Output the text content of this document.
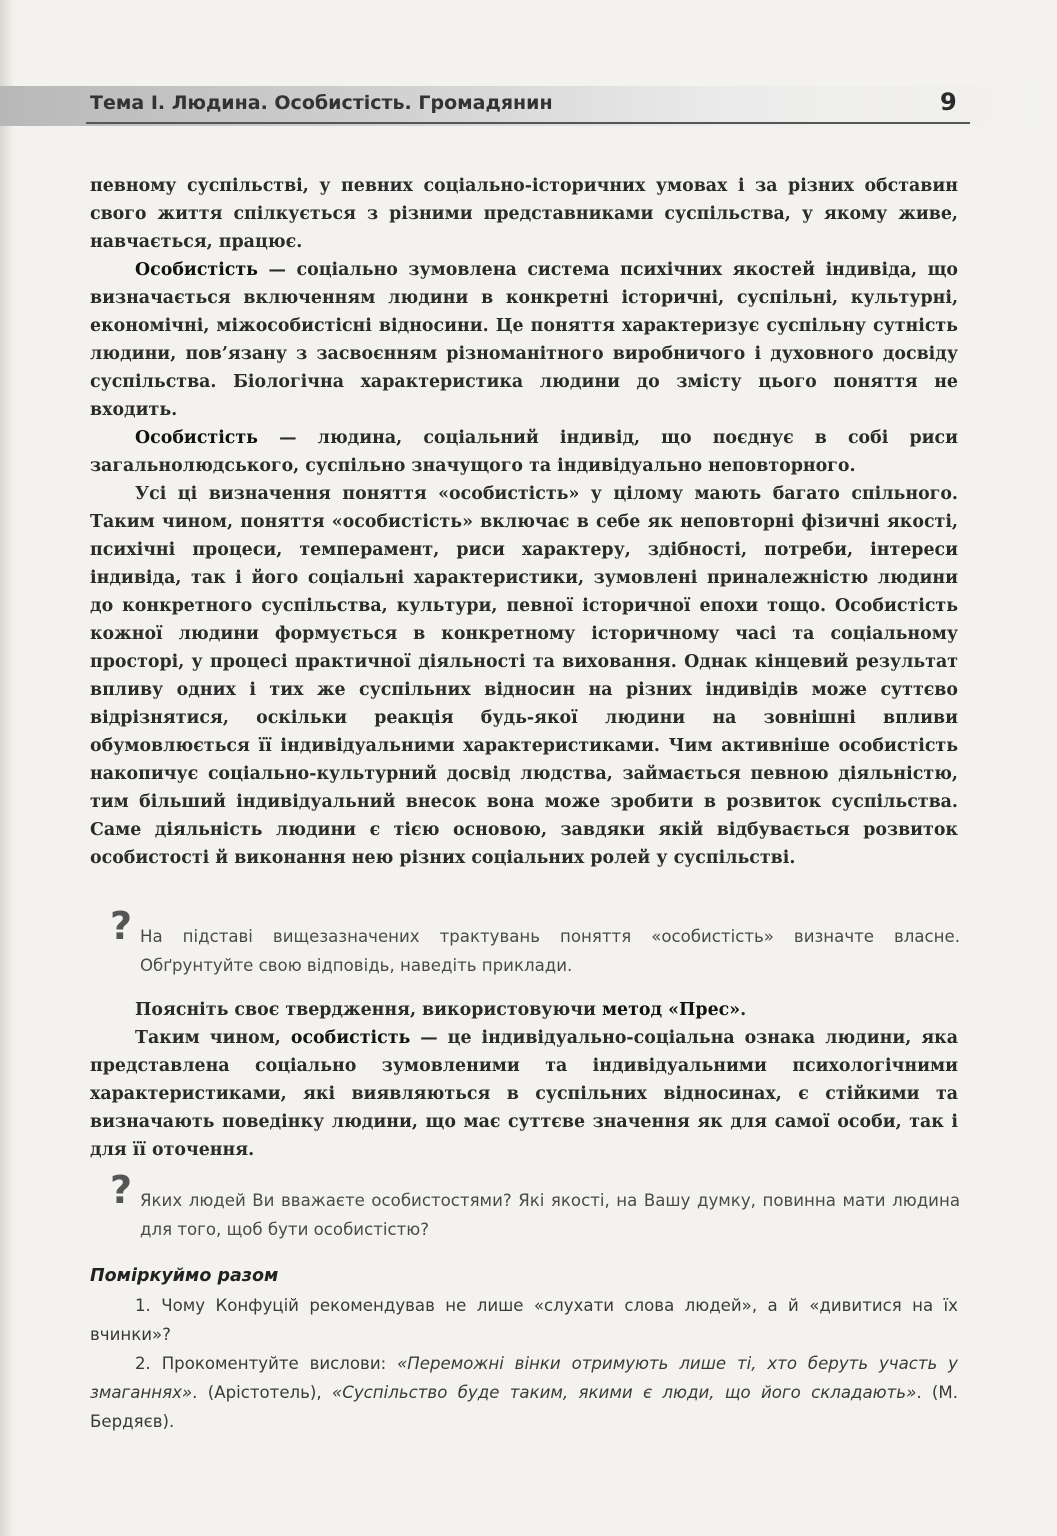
Тема І. Людина. Особистість. Громадянин	9

певному суспільстві, у певних соціально-історичних умовах і за різних обставин свого життя спілкується з різними представниками суспільства, у якому живе, навчається, працює.

Особистість — соціально зумовлена система психічних якостей індивіда, що визначається включенням людини в конкретні історичні, суспільні, культурні, економічні, міжособистісні відносини. Це поняття характеризує суспільну сутність людини, пов’язану з засвоєнням різноманітного виробничого і духовного досвіду суспільства. Біологічна характеристика людини до змісту цього поняття не входить.

Особистість — людина, соціальний індивід, що поєднує в собі риси загальнолюдського, суспільно значущого та індивідуально неповторного.

Усі ці визначення поняття «особистість» у цілому мають багато спільного. Таким чином, поняття «особистість» включає в себе як неповторні фізичні якості, психічні процеси, темперамент, риси характеру, здібності, потреби, інтереси індивіда, так і його соціальні характеристики, зумовлені приналежністю людини до конкретного суспільства, культури, певної історичної епохи тощо. Особистість кожної людини формується в конкретному історичному часі та соціальному просторі, у процесі практичної діяльності та виховання. Однак кінцевий результат впливу одних і тих же суспільних відносин на різних індивідів може суттєво відрізнятися, оскільки реакція будь-якої людини на зовнішні впливи обумовлюється її індивідуальними характеристиками. Чим активніше особистість накопичує соціально-культурний досвід людства, займається певною діяльністю, тим більший індивідуальний внесок вона може зробити в розвиток суспільства. Саме діяльність людини є тією основою, завдяки якій відбувається розвиток особистості й виконання нею різних соціальних ролей у суспільстві.

? На підставі вищезазначених трактувань поняття «особистість» визначте власне. Обґрунтуйте свою відповідь, наведіть приклади.

Поясніть своє твердження, використовуючи метод «Прес».

Таким чином, особистість — це індивідуально-соціальна ознака людини, яка представлена соціально зумовленими та індивідуальними психологічними характеристиками, які виявляються в суспільних відносинах, є стійкими та визначають поведінку людини, що має суттєве значення як для самої особи, так і для її оточення.

? Яких людей Ви вважаєте особистостями? Які якості, на Вашу думку, повинна мати людина для того, щоб бути особистістю?

Поміркуймо разом

1. Чому Конфуцій рекомендував не лише «слухати слова людей», а й «дивитися на їх вчинки»?

2. Прокоментуйте вислови: «Переможні вінки отримують лише ті, хто беруть участь у змаганнях». (Арістотель), «Суспільство буде таким, якими є люди, що його складають». (М. Бердяєв).
